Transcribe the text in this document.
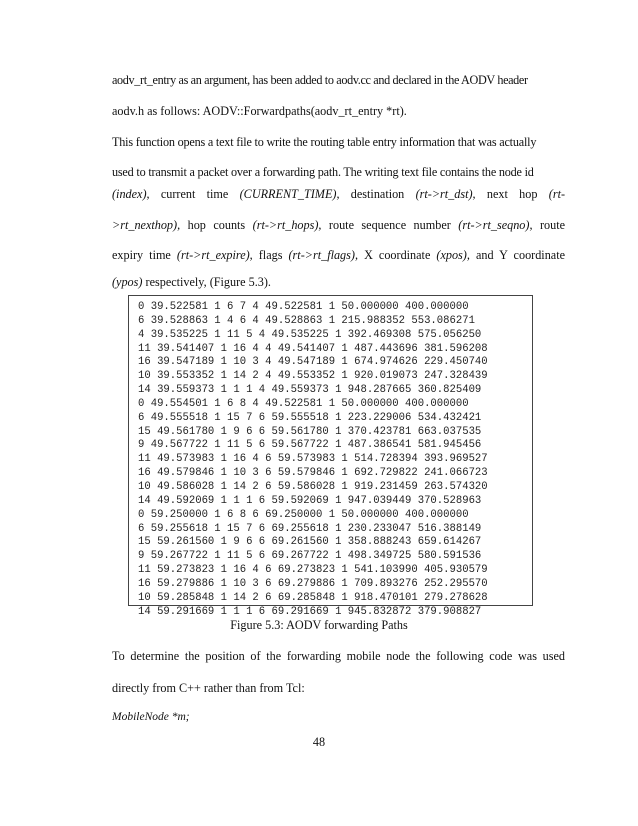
aodv_rt_entry as an argument, has been added to aodv.cc and declared in the AODV header
aodv.h as follows: AODV::Forwardpaths(aodv_rt_entry *rt).
This function opens a text file to write the routing table entry information that was actually
used to transmit a packet over a forwarding path. The writing text file contains the node id
(index), current time (CURRENT_TIME), destination (rt->rt_dst), next hop (rt-
>rt_nexthop), hop counts (rt->rt_hops), route sequence number (rt->rt_seqno), route
expiry time (rt->rt_expire), flags (rt->rt_flags), X coordinate (xpos), and Y coordinate
(ypos) respectively, (Figure 5.3).
0 39.522581 1 6 7 4 49.522581 1 50.000000 400.000000
6 39.528863 1 4 6 4 49.528863 1 215.988352 553.086271
4 39.535225 1 11 5 4 49.535225 1 392.469308 575.056250
11 39.541407 1 16 4 4 49.541407 1 487.443696 381.596208
16 39.547189 1 10 3 4 49.547189 1 674.974626 229.450740
10 39.553352 1 14 2 4 49.553352 1 920.019073 247.328439
14 39.559373 1 1 1 4 49.559373 1 948.287665 360.825409
0 49.554501 1 6 8 4 49.522581 1 50.000000 400.000000
6 49.555518 1 15 7 6 59.555518 1 223.229006 534.432421
15 49.561780 1 9 6 6 59.561780 1 370.423781 663.037535
9 49.567722 1 11 5 6 59.567722 1 487.386541 581.945456
11 49.573983 1 16 4 6 59.573983 1 514.728394 393.969527
16 49.579846 1 10 3 6 59.579846 1 692.729822 241.066723
10 49.586028 1 14 2 6 59.586028 1 919.231459 263.574320
14 49.592069 1 1 1 6 59.592069 1 947.039449 370.528963
0 59.250000 1 6 8 6 69.250000 1 50.000000 400.000000
6 59.255618 1 15 7 6 69.255618 1 230.233047 516.388149
15 59.261560 1 9 6 6 69.261560 1 358.888243 659.614267
9 59.267722 1 11 5 6 69.267722 1 498.349725 580.591536
11 59.273823 1 16 4 6 69.273823 1 541.103990 405.930579
16 59.279886 1 10 3 6 69.279886 1 709.893276 252.295570
10 59.285848 1 14 2 6 69.285848 1 918.470101 279.278628
14 59.291669 1 1 1 6 69.291669 1 945.832872 379.908827
Figure 5.3: AODV forwarding Paths
To determine the position of the forwarding mobile node the following code was used
directly from C++ rather than from Tcl:
MobileNode *m;
48
